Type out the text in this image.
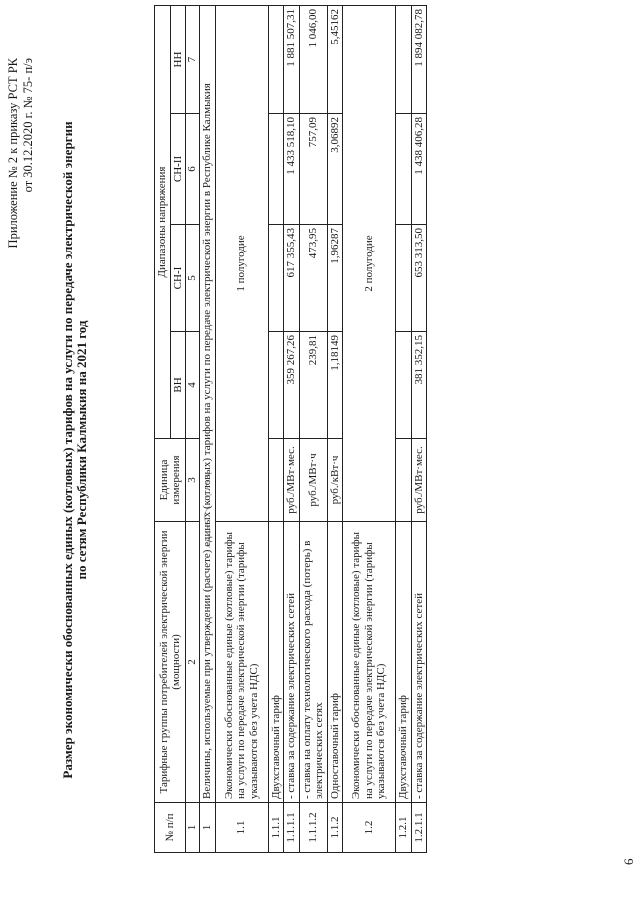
Приложение № 2 к приказу РСТ РК от 30.12.2020 г. № 75- п/э Размер экономически обоснованных единых (котловых) тарифов на услуги по передаче электрической энергии по сетям Республики Калмыкия на 2021 год
№ п/п	Тарифные группы потребителей электрической энергии (мощности)	Единица измерения	Диапазоны напряжения			
			ВН	СН-I	СН-II	НН
1	2	3	4	5	6	7
1	Величины, используемые при утверждении (расчете) единых (котловых) тарифов на услуги по передаче электрической энергии в Республике Калмыкия					
1.1	Экономически обоснованные единые (котловые) тарифы на услуги по передаче электрической энергии (тарифы указываются без учета НДС)	1 полугодие				
1.1.1	Двухставочный тариф					
1.1.1.1	- ставка за содержание электрических сетей	руб./МВт·мес.	359 267,26	617 355,43	1 433 518,10	1 881 507,31
1.1.1.2	- ставка на оплату технологического расхода (потерь) в электрических сетях	руб./МВт·ч	239,81	473,95	757,09	1 046,00
1.1.2	Одноставочный тариф	руб./кВт·ч	1,18149	1,96287	3,06892	5,45162
1.2	Экономически обоснованные единые (котловые) тарифы на услуги по передаче электрической энергии (тарифы указываются без учета НДС)	2 полугодие				
1.2.1	Двухставочный тариф					
1.2.1.1	- ставка за содержание электрических сетей	руб./МВт·мес.	381 352,15	653 313,50	1 438 406,28	1 894 082,78
6
